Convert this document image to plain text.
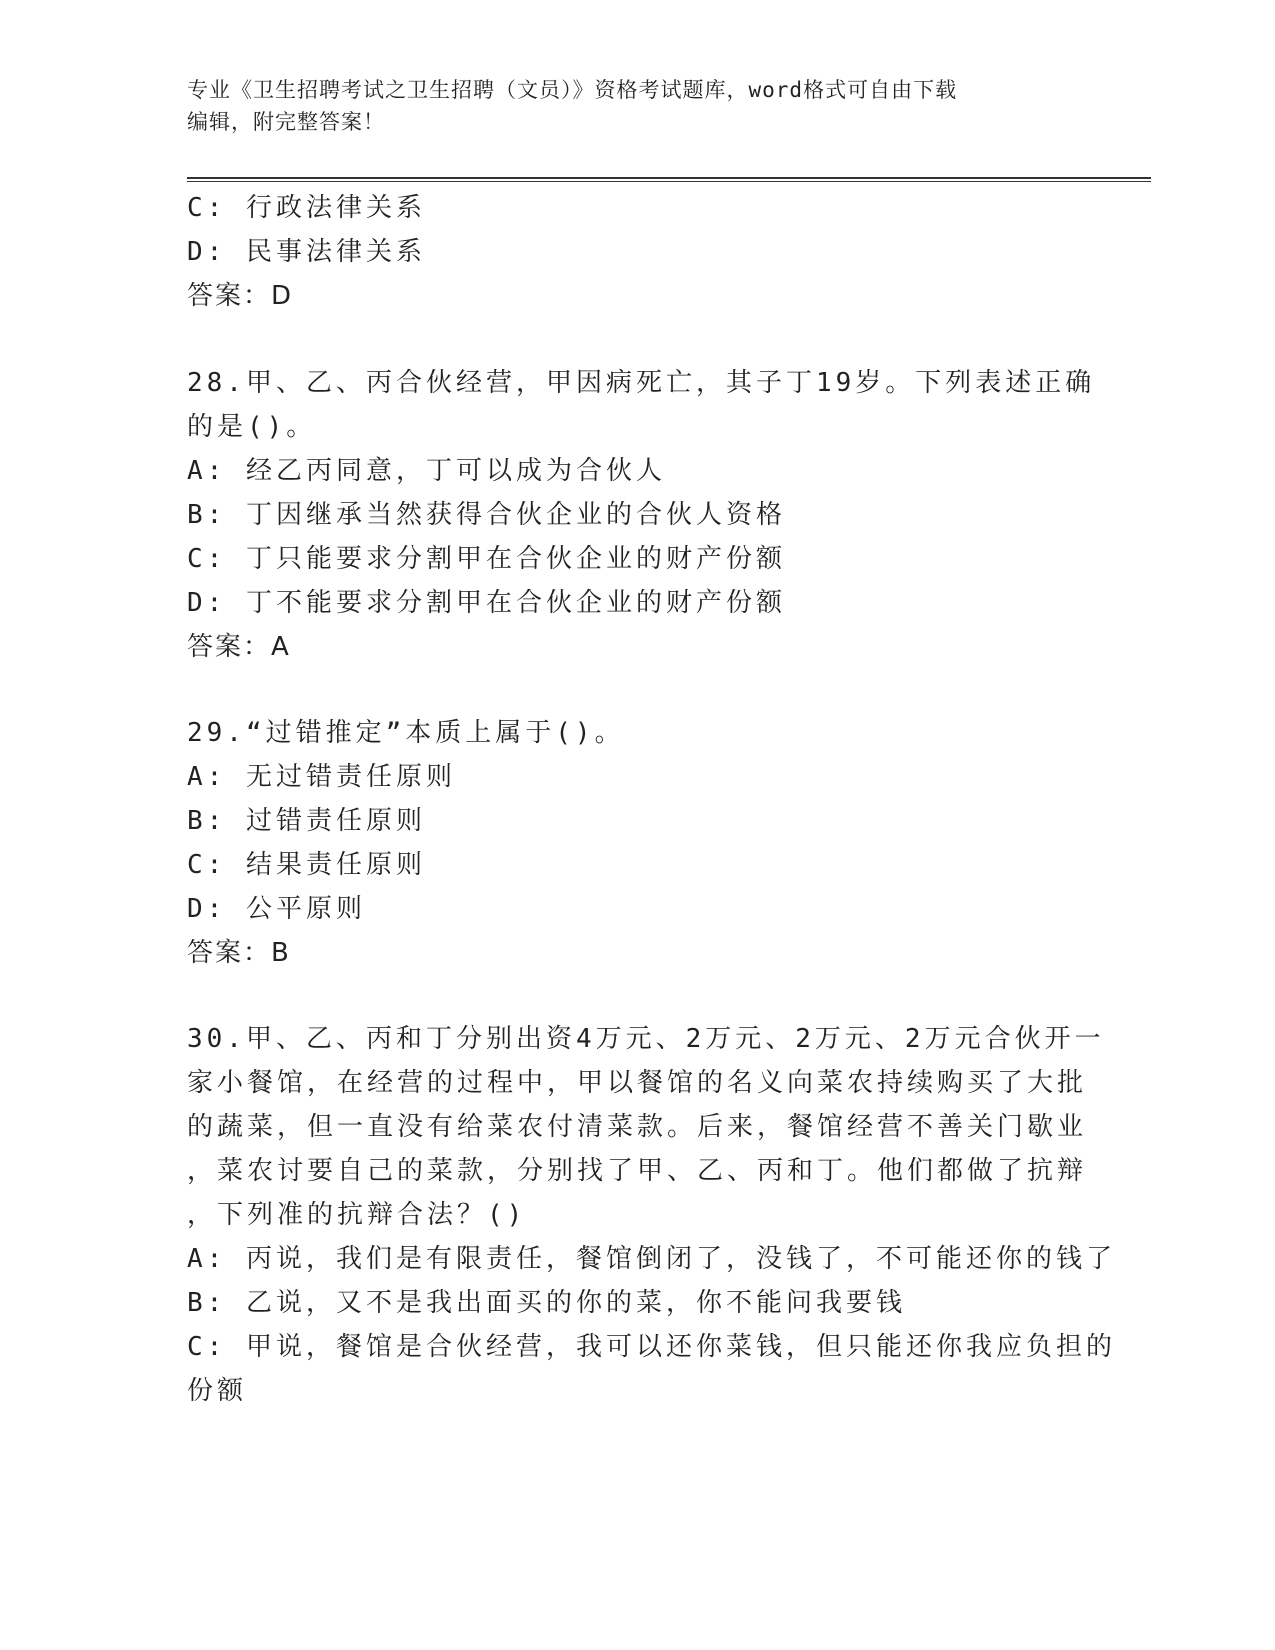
专业《卫生招聘考试之卫生招聘（文员）》资格考试题库，word格式可自由下载
编辑，附完整答案！
C: 行政法律关系
D: 民事法律关系
答案：D
28.甲、乙、丙合伙经营，甲因病死亡，其子丁19岁。下列表述正确
的是()。
A: 经乙丙同意，丁可以成为合伙人
B: 丁因继承当然获得合伙企业的合伙人资格
C: 丁只能要求分割甲在合伙企业的财产份额
D: 丁不能要求分割甲在合伙企业的财产份额
答案：A
29.“过错推定”本质上属于()。
A: 无过错责任原则
B: 过错责任原则
C: 结果责任原则
D: 公平原则
答案：B
30.甲、乙、丙和丁分别出资4万元、2万元、2万元、2万元合伙开一
家小餐馆，在经营的过程中，甲以餐馆的名义向菜农持续购买了大批
的蔬菜，但一直没有给菜农付清菜款。后来，餐馆经营不善关门歇业
，菜农讨要自己的菜款，分别找了甲、乙、丙和丁。他们都做了抗辩
，下列准的抗辩合法？()
A: 丙说，我们是有限责任，餐馆倒闭了，没钱了，不可能还你的钱了
B: 乙说，又不是我出面买的你的菜，你不能问我要钱
C: 甲说，餐馆是合伙经营，我可以还你菜钱，但只能还你我应负担的
份额
